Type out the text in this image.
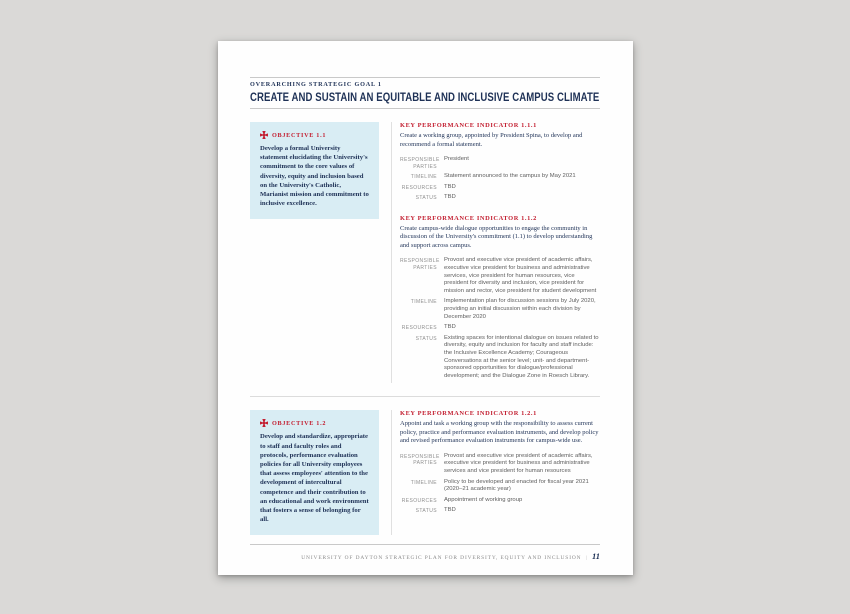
OVERARCHING STRATEGIC GOAL 1
CREATE AND SUSTAIN AN EQUITABLE AND INCLUSIVE CAMPUS CLIMATE
OBJECTIVE 1.1
Develop a formal University statement elucidating the University's commitment to the core values of diversity, equity and inclusion based on the University's Catholic, Marianist mission and commitment to inclusive excellence.
KEY PERFORMANCE INDICATOR 1.1.1
Create a working group, appointed by President Spina, to develop and recommend a formal statement.
RESPONSIBLE PARTIES
President
TIMELINE Statement announced to the campus by May 2021
RESOURCES TBD
STATUS TBD
KEY PERFORMANCE INDICATOR 1.1.2
Create campus-wide dialogue opportunities to engage the community in discussion of the University's commitment (1.1) to develop understanding and support across campus.
RESPONSIBLE PARTIES
Provost and executive vice president of academic affairs, executive vice president for business and administrative services, vice president for human resources, vice president for diversity and inclusion, vice president for mission and rector, vice president for student development
TIMELINE Implementation plan for discussion sessions by July 2020, providing an initial discussion within each division by December 2020
RESOURCES TBD
STATUS Existing spaces for intentional dialogue on issues related to diversity, equity and inclusion for faculty and staff include: the Inclusive Excellence Academy; Courageous Conversations at the senior level; unit- and department-sponsored opportunities for dialogue/professional development; and the Dialogue Zone in Roesch Library.
OBJECTIVE 1.2
Develop and standardize, appropriate to staff and faculty roles and protocols, performance evaluation policies for all University employees that assess employees' attention to the development of intercultural competence and their contribution to an educational and work environment that fosters a sense of belonging for all.
KEY PERFORMANCE INDICATOR 1.2.1
Appoint and task a working group with the responsibility to assess current policy, practice and performance evaluation instruments, and develop policy and revised performance evaluation instruments for campus-wide use.
RESPONSIBLE PARTIES
Provost and executive vice president of academic affairs, executive vice president for business and administrative services and vice president for human resources
TIMELINE Policy to be developed and enacted for fiscal year 2021 (2020–21 academic year)
RESOURCES Appointment of working group
STATUS TBD
UNIVERSITY OF DAYTON STRATEGIC PLAN FOR DIVERSITY, EQUITY AND INCLUSION | 11
